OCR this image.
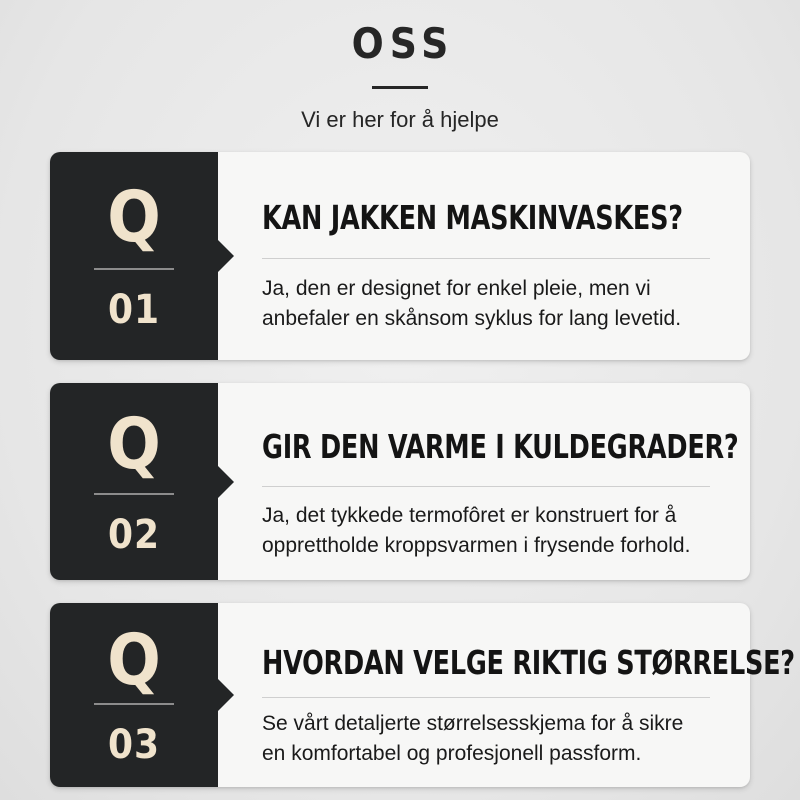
OSS
Vi er her for å hjelpe
Q
01
KAN JAKKEN MASKINVASKES?
Ja, den er designet for enkel pleie, men vi
anbefaler en skånsom syklus for lang levetid.
Q
02
GIR DEN VARME I KULDEGRADER?
Ja, det tykkede termofôret er konstruert for å
opprettholde kroppsvarmen i frysende forhold.
Q
03
HVORDAN VELGE RIKTIG STØRRELSE?
Se vårt detaljerte størrelsesskjema for å sikre
en komfortabel og profesjonell passform.
